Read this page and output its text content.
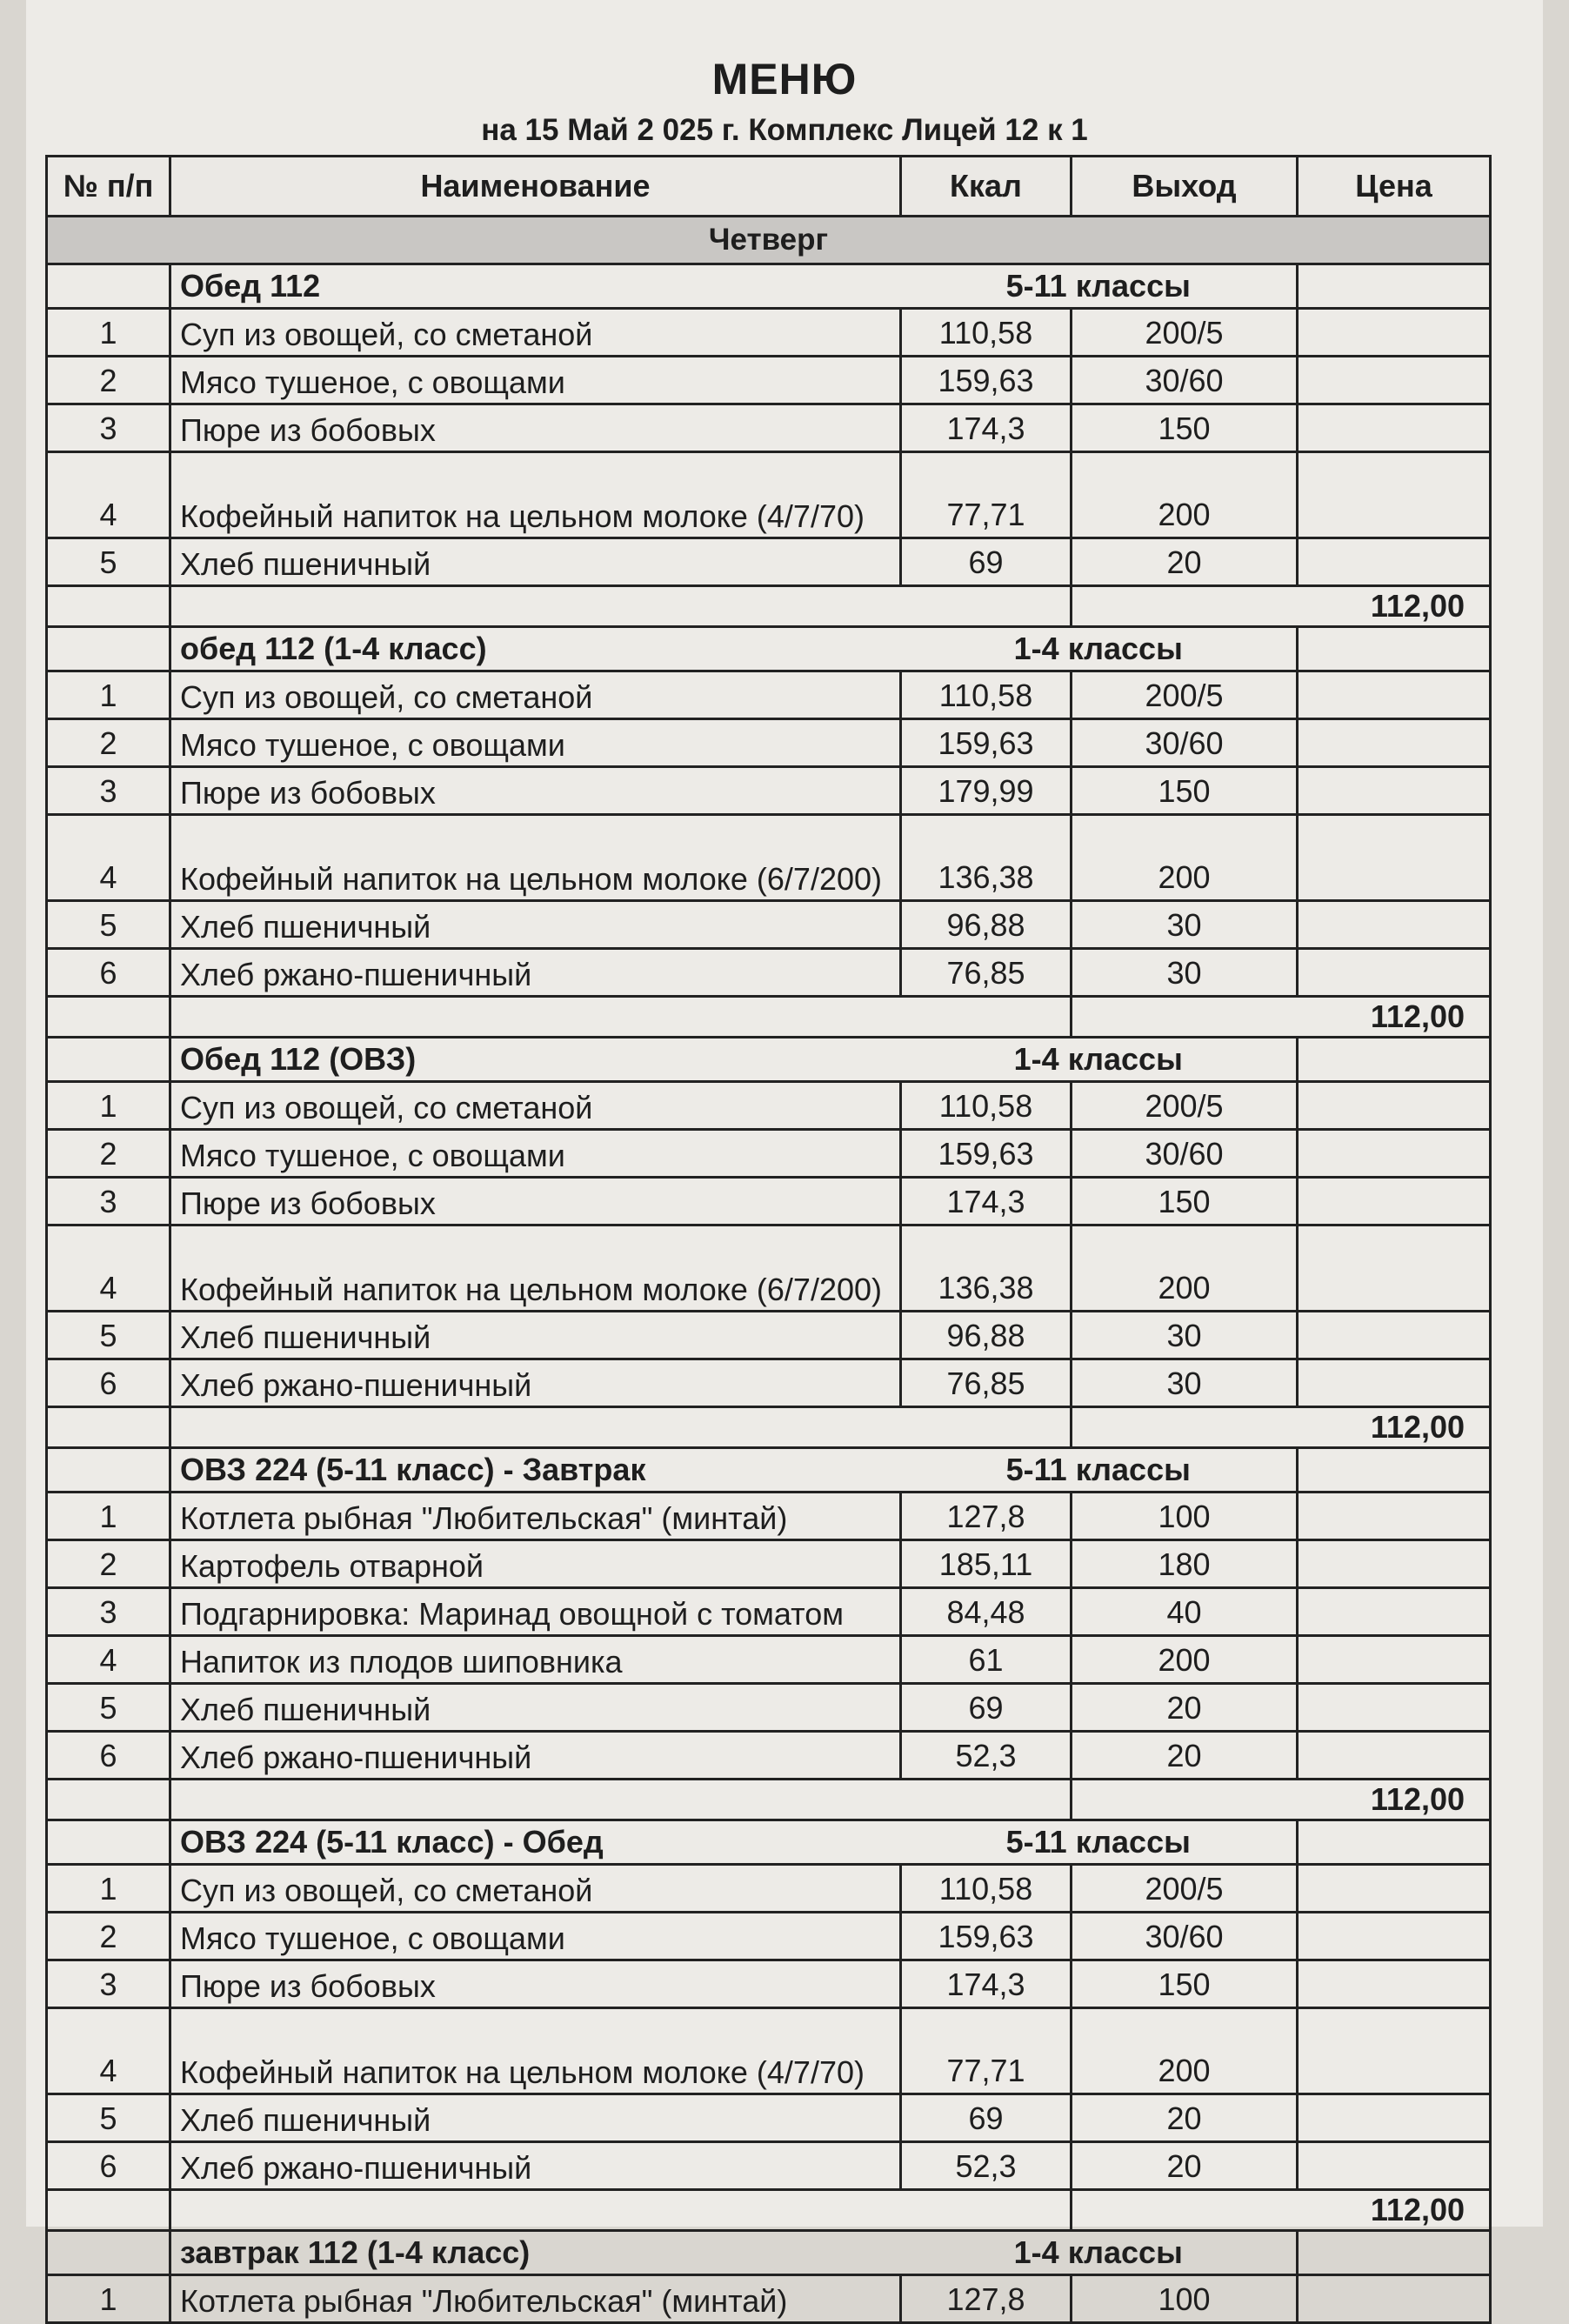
МЕНЮ
на 15 Май 2 025 г. Комплекс Лицей 12 к 1
№ п/п	Наименование	Ккал	Выход	Цена
Четверг				
	Обед 112	5-11 классы		
1	Суп из овощей, со сметаной	110,58	200/5	
2	Мясо тушеное, с овощами	159,63	30/60	
3	Пюре из бобовых	174,3	150	
4	Кофейный напиток на цельном молоке (4/7/70)	77,71	200	
5	Хлеб пшеничный	69	20	
			112,00	
	обед 112 (1-4 класс)	1-4 классы		
1	Суп из овощей, со сметаной	110,58	200/5	
2	Мясо тушеное, с овощами	159,63	30/60	
3	Пюре из бобовых	179,99	150	
4	Кофейный напиток на цельном молоке (6/7/200)	136,38	200	
5	Хлеб пшеничный	96,88	30	
6	Хлеб ржано-пшеничный	76,85	30	
			112,00	
	Обед 112 (ОВЗ)	1-4 классы		
1	Суп из овощей, со сметаной	110,58	200/5	
2	Мясо тушеное, с овощами	159,63	30/60	
3	Пюре из бобовых	174,3	150	
4	Кофейный напиток на цельном молоке (6/7/200)	136,38	200	
5	Хлеб пшеничный	96,88	30	
6	Хлеб ржано-пшеничный	76,85	30	
			112,00	
	ОВЗ 224 (5-11 класс) - Завтрак	5-11 классы		
1	Котлета рыбная "Любительская" (минтай)	127,8	100	
2	Картофель отварной	185,11	180	
3	Подгарнировка: Маринад овощной с томатом	84,48	40	
4	Напиток из плодов шиповника	61	200	
5	Хлеб пшеничный	69	20	
6	Хлеб ржано-пшеничный	52,3	20	
			112,00	
	ОВЗ 224 (5-11 класс) - Обед	5-11 классы		
1	Суп из овощей, со сметаной	110,58	200/5	
2	Мясо тушеное, с овощами	159,63	30/60	
3	Пюре из бобовых	174,3	150	
4	Кофейный напиток на цельном молоке (4/7/70)	77,71	200	
5	Хлеб пшеничный	69	20	
6	Хлеб ржано-пшеничный	52,3	20	
			112,00	
	завтрак 112 (1-4 класс)	1-4 классы		
1	Котлета рыбная "Любительская" (минтай)	127,8	100	
